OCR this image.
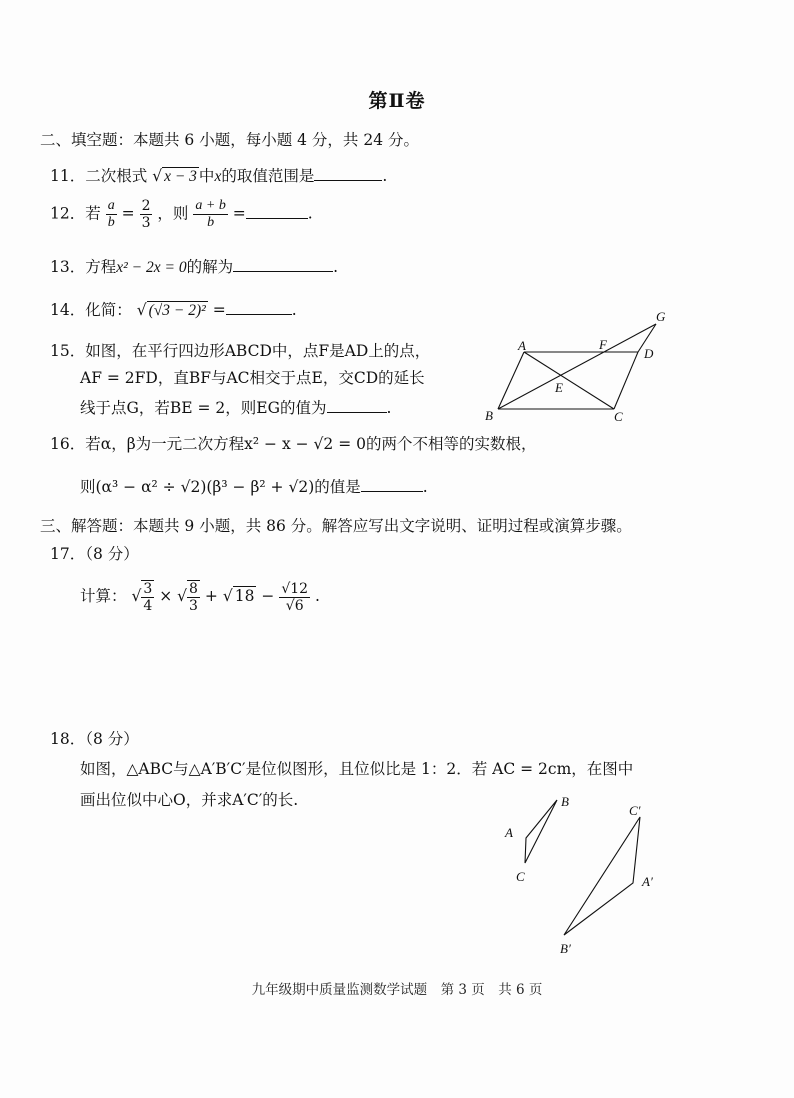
第Ⅱ卷
二、填空题：本题共 6 小题，每小题 4 分，共 24 分。
11．二次根式 √ x − 3 中x的取值范围是	.
12．若 $\frac{a}{b} = \frac{2}{3}$ ，则 $\frac{a + b}{b}$ =	.
13．方程x² − 2x = 0的解为	.
14．化简： √ (√3 − 2)² =	.
15．如图，在平行四边形ABCD中，点F是AD上的点，
AF = 2FD，直BF与AC相交于点E，交CD的延长
线于点G，若BE = 2，则EG的值为	.
A	F
D
G
E
B	C
16．若α，β为一元二次方程x² − x − √2 = 0的两个不相等的实数根，
则(α³ − α² ÷ √2)(β³ − β² + √2)的值是	.
三、解答题：本题共 9 小题，共 86 分。解答应写出文字说明、证明过程或演算步骤。
17．（8 分）
计算： √ $\frac{3}{4}$ × √ $\frac{8}{3}$ + √ $18 - \frac{√12}{√6}$ .
18．（8 分）
如图，△ABC与△A′B′C′是位似图形，且位似比是 1：2．若 AC = 2cm，在图中
画出位似中心O，并求A′C′的长.	B
A
C
C′
A′
B′
九年级期中质量监测数学试题　第 3 页　共 6 页
